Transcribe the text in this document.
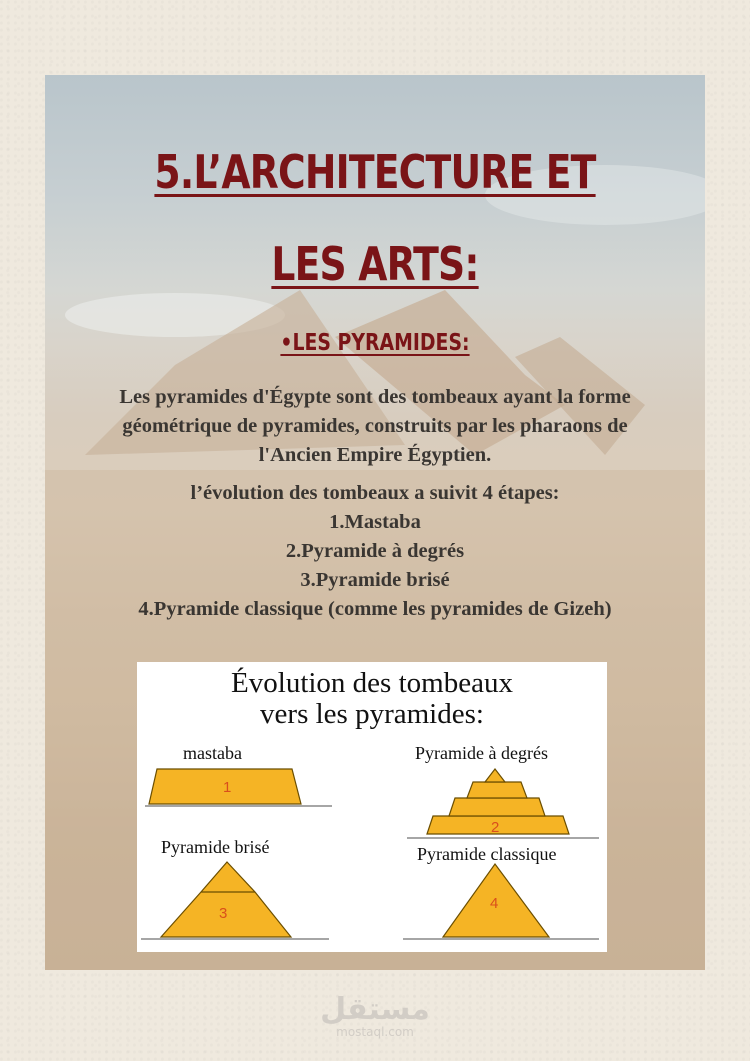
5.L’ARCHITECTURE ET
LES ARTS:
•LES PYRAMIDES:
Les pyramides d'Égypte sont des tombeaux ayant la forme
géométrique de pyramides, construits par les pharaons de
l'Ancien Empire Égyptien.
l’évolution des tombeaux a suivit 4 étapes:
1.Mastaba
2.Pyramide à degrés
3.Pyramide brisé
4.Pyramide classique (comme les pyramides de Gizeh)
Évolution des tombeaux
vers les pyramides:
mastaba	Pyramide à degrés
Pyramide brisé	Pyramide classique
1
2
3
4
مستقل
mostaql.com
